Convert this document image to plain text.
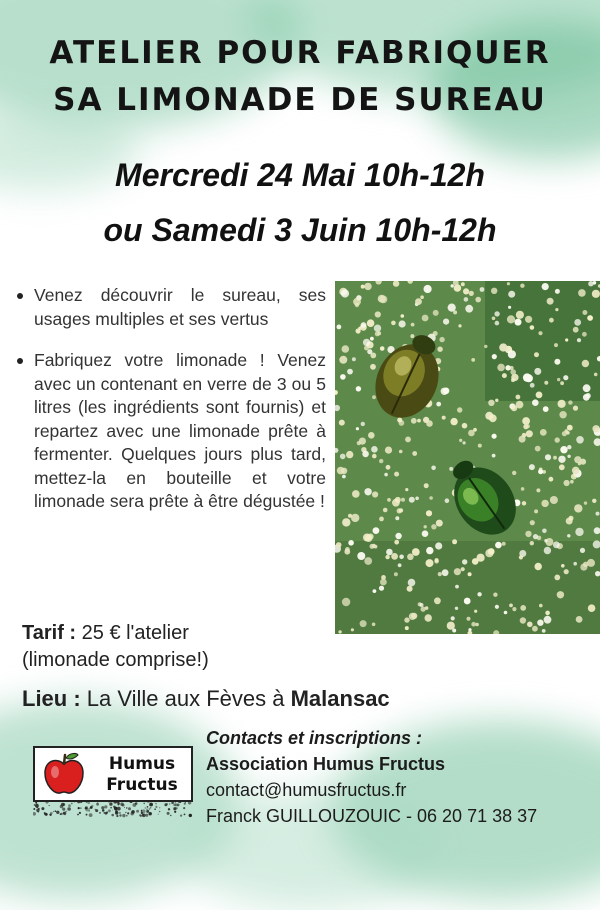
ATELIER POUR FABRIQUER
SA LIMONADE DE SUREAU
Mercredi 24 Mai 10h-12h
ou Samedi 3 Juin 10h-12h
Venez découvrir le sureau, ses usages multiples et ses vertus
Fabriquez votre limonade ! Venez avec un contenant en verre de 3 ou 5 litres (les ingrédients sont fournis) et repartez avec une limonade prête à fermenter. Quelques jours plus tard, mettez-la en bouteille et votre limonade sera prête à être dégustée !
Tarif : 25 € l'atelier
(limonade comprise!)
Lieu : La Ville aux Fèves à Malansac
Humus
Fructus
Contacts et inscriptions :
Association Humus Fructus
contact@humusfructus.fr
Franck GUILLOUZOUIC - 06 20 71 38 37
